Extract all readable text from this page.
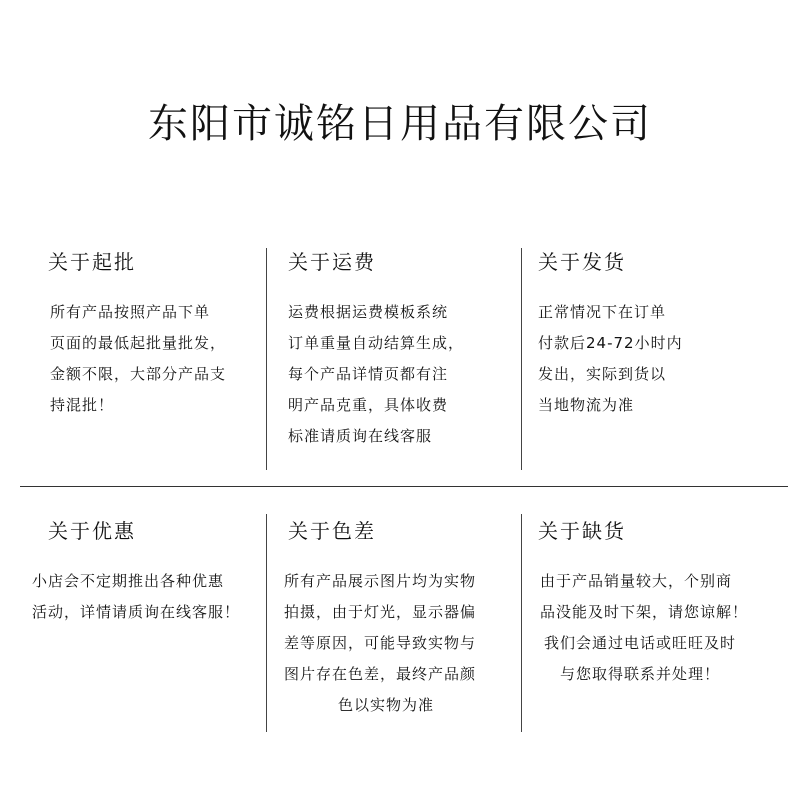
东阳市诚铭日用品有限公司
关于起批
所有产品按照产品下单
页面的最低起批量批发，
金额不限，大部分产品支
持混批！
关于运费
运费根据运费模板系统
订单重量自动结算生成，
每个产品详情页都有注
明产品克重，具体收费
标准请质询在线客服
关于发货
正常情况下在订单
付款后24-72小时内
发出，实际到货以
当地物流为准
关于优惠
小店会不定期推出各种优惠
活动，详情请质询在线客服！
关于色差
所有产品展示图片均为实物
拍摄，由于灯光，显示器偏
差等原因，可能导致实物与
图片存在色差，最终产品颜
色以实物为准
关于缺货
由于产品销量较大，个别商
品没能及时下架，请您谅解！
我们会通过电话或旺旺及时
与您取得联系并处理！
